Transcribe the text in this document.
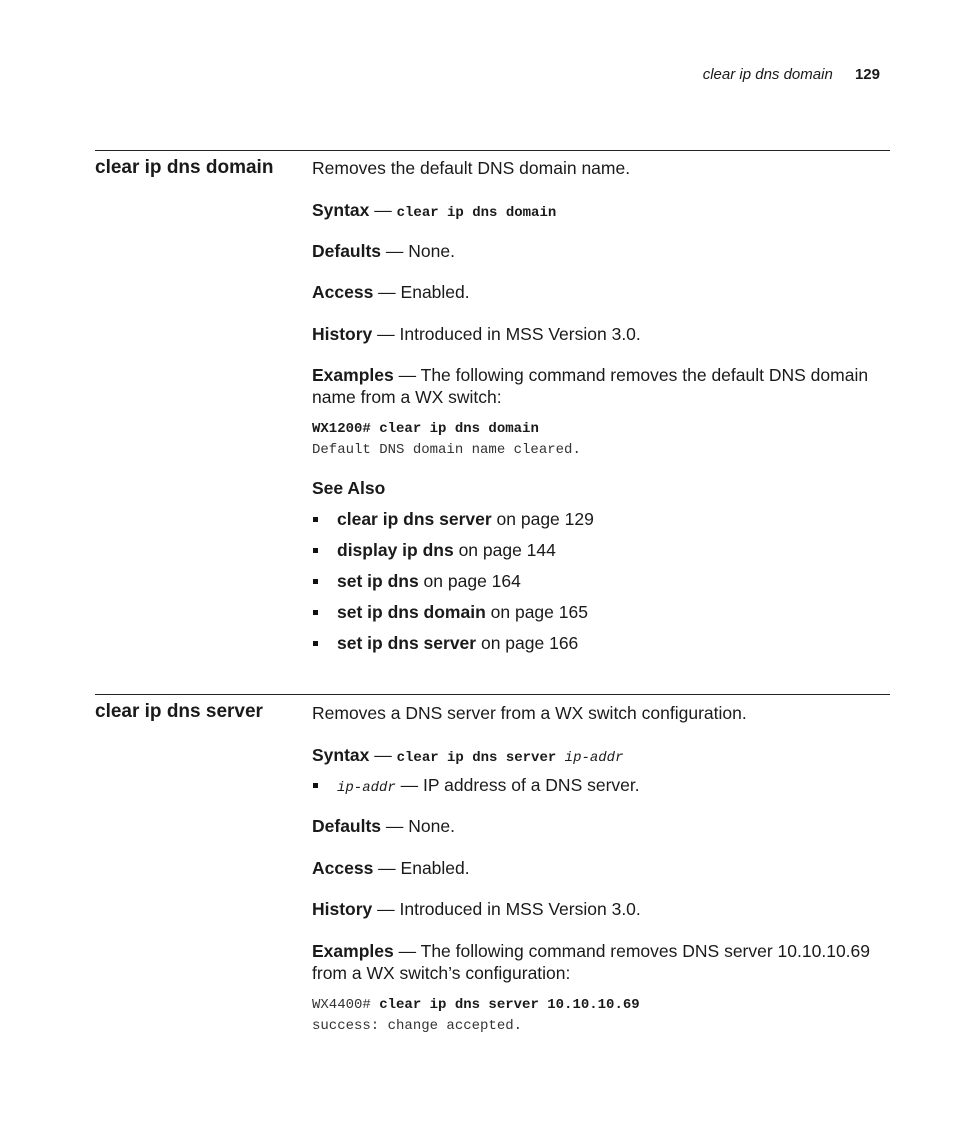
clear ip dns domain 129
clear ip dns domain Removes the default DNS domain name.

Syntax — clear ip dns domain

Defaults — None.

Access — Enabled.

History — Introduced in MSS Version 3.0.

Examples — The following command removes the default DNS domain name from a WX switch:

WX1200# clear ip dns domain
Default DNS domain name cleared.
See Also
clear ip dns server on page 129
display ip dns on page 144
set ip dns on page 164
set ip dns domain on page 165
set ip dns server on page 166
clear ip dns server	Removes a DNS server from a WX switch configuration.

Syntax — clear ip dns server ip-addr

ip-addr — IP address of a DNS server.

Defaults — None.

Access — Enabled.

History — Introduced in MSS Version 3.0.

Examples — The following command removes DNS server 10.10.10.69 from a WX switch’s configuration:

WX4400# clear ip dns server 10.10.10.69
success: change accepted.
